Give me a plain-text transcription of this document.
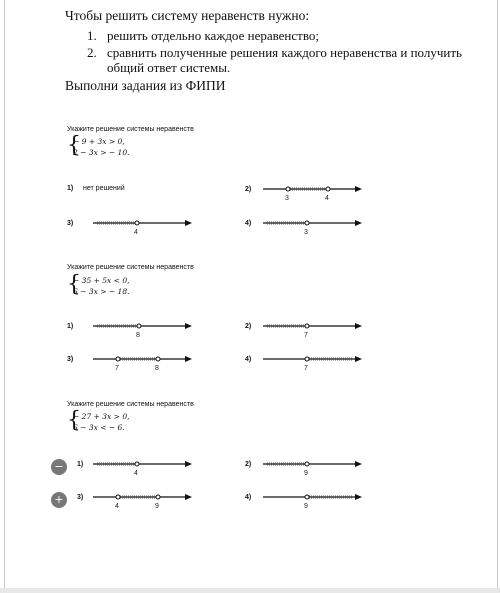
Чтобы решить систему неравенств нужно:
1. решить отдельно каждое неравенство;
2. сравнить полученные решения каждого неравенства и получить общий ответ системы.
Выполни задания из ФИПИ
Укажите решение системы неравенств
{
− 9 + 3x > 0,
2 − 3x > − 10.
1) нет решений	2)
3	4
3)
4
4)
3
Укажите решение системы неравенств
{
− 35 + 5x < 0,
6 − 3x > − 18.
1)
8
2)
7
3)
7	8
4)
7
Укажите решение системы неравенств
{
− 27 + 3x > 0,
6 − 3x < − 6.
1)
4
2)
9
3)
4	9
4)
9
−
+
